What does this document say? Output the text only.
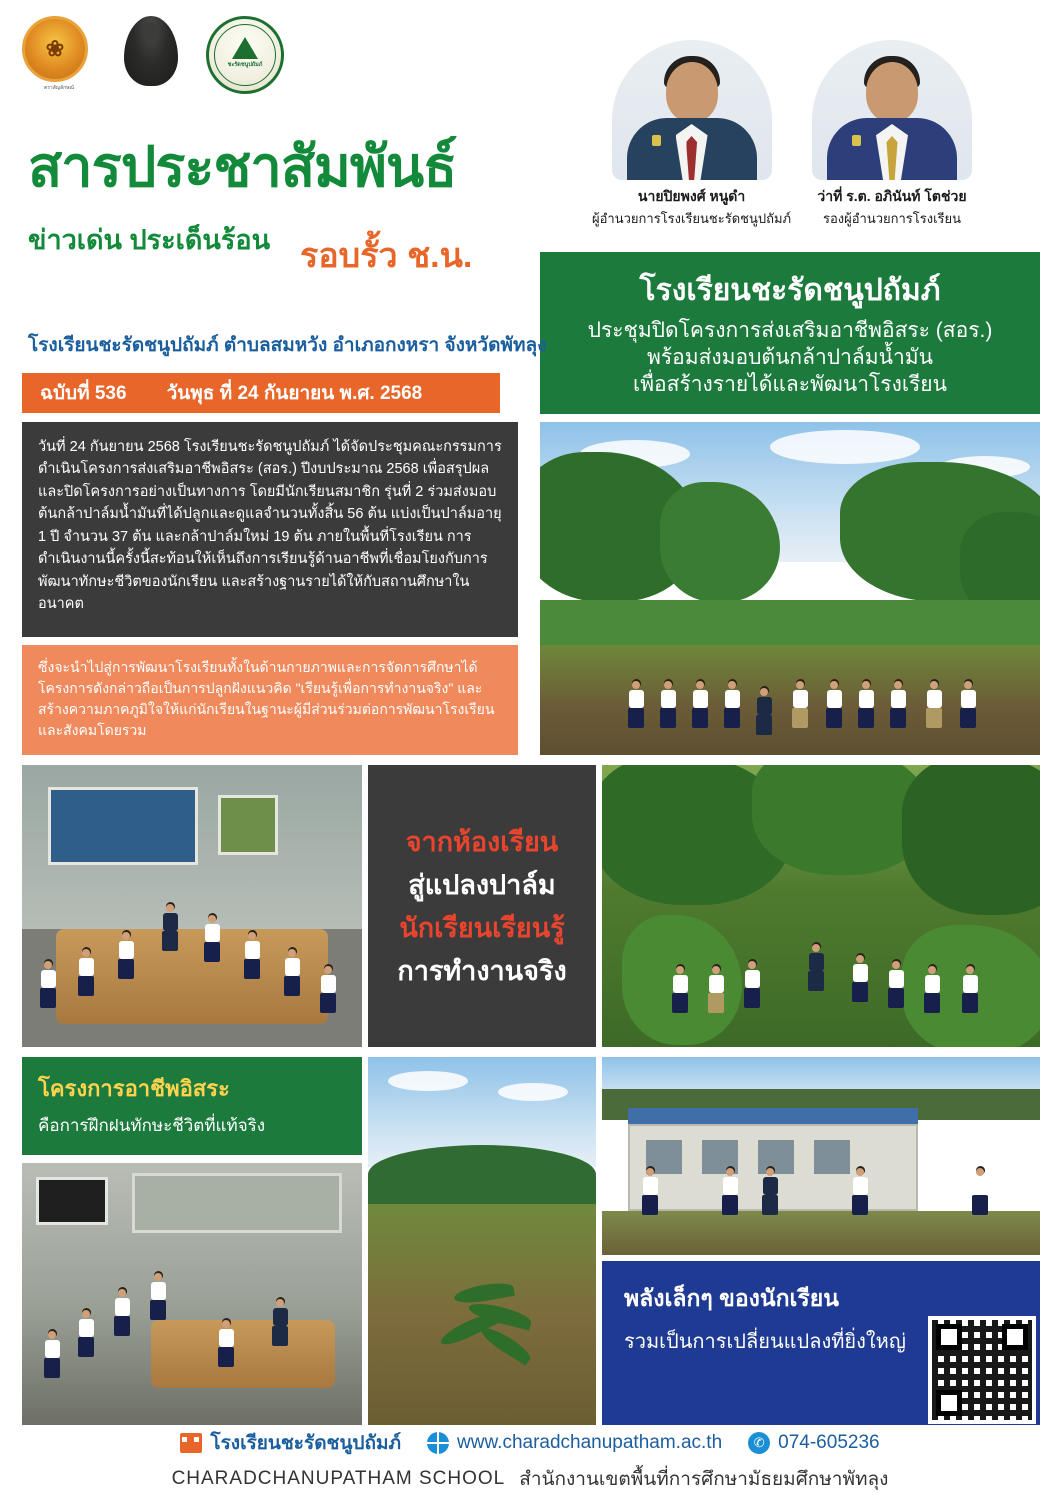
❀
ตราสัญลักษณ์
ชะรัดชนูปถัมภ์
สารประชาสัมพันธ์
ข่าวเด่น ประเด็นร้อน รอบรั้ว ช.น.
นายปิยพงศ์ หนูดำ
ผู้อำนวยการโรงเรียนชะรัดชนูปถัมภ์
ว่าที่ ร.ต. อภินันท์ โตช่วย
รองผู้อำนวยการโรงเรียน
โรงเรียนชะรัดชนูปถัมภ์
ประชุมปิดโครงการส่งเสริมอาชีพอิสระ (สอร.)
พร้อมส่งมอบต้นกล้าปาล์มน้ำมัน
เพื่อสร้างรายได้และพัฒนาโรงเรียน
โรงเรียนชะรัดชนูปถัมภ์ ตำบลสมหวัง อำเภอกงหรา จังหวัดพัทลุง
ฉบับที่ 536 วันพุธ ที่ 24 กันยายน พ.ศ. 2568
วันที่ 24 กันยายน 2568 โรงเรียนชะรัดชนูปถัมภ์ ได้จัดประชุมคณะกรรมการดำเนินโครงการส่งเสริมอาชีพอิสระ (สอร.) ปีงบประมาณ 2568 เพื่อสรุปผลและปิดโครงการอย่างเป็นทางการ โดยมีนักเรียนสมาชิก รุ่นที่ 2 ร่วมส่งมอบต้นกล้าปาล์มน้ำมันที่ได้ปลูกและดูแลจำนวนทั้งสิ้น 56 ต้น แบ่งเป็นปาล์มอายุ 1 ปี จำนวน 37 ต้น และกล้าปาล์มใหม่ 19 ต้น ภายในพื้นที่โรงเรียน การดำเนินงานนี้ครั้งนี้สะท้อนให้เห็นถึงการเรียนรู้ด้านอาชีพที่เชื่อมโยงกับการพัฒนาทักษะชีวิตของนักเรียน และสร้างฐานรายได้ให้กับสถานศึกษาในอนาคต
ซึ่งจะนำไปสู่การพัฒนาโรงเรียนทั้งในด้านกายภาพและการจัดการศึกษาได้ โครงการดังกล่าวถือเป็นการปลูกฝังแนวคิด "เรียนรู้เพื่อการทำงานจริง" และสร้างความภาคภูมิใจให้แก่นักเรียนในฐานะผู้มีส่วนร่วมต่อการพัฒนาโรงเรียนและสังคมโดยรวม
จากห้องเรียน
สู่แปลงปาล์ม
นักเรียนเรียนรู้
การทำงานจริง
โครงการอาชีพอิสระ
คือการฝึกฝนทักษะชีวิตที่แท้จริง
พลังเล็กๆ ของนักเรียน
รวมเป็นการเปลี่ยนแปลงที่ยิ่งใหญ่
โรงเรียนชะรัดชนูปถัมภ์	www.charadchanupatham.ac.th	✆ 074-605236
CHARADCHANUPATHAM SCHOOL สำนักงานเขตพื้นที่การศึกษามัธยมศึกษาพัทลุง
